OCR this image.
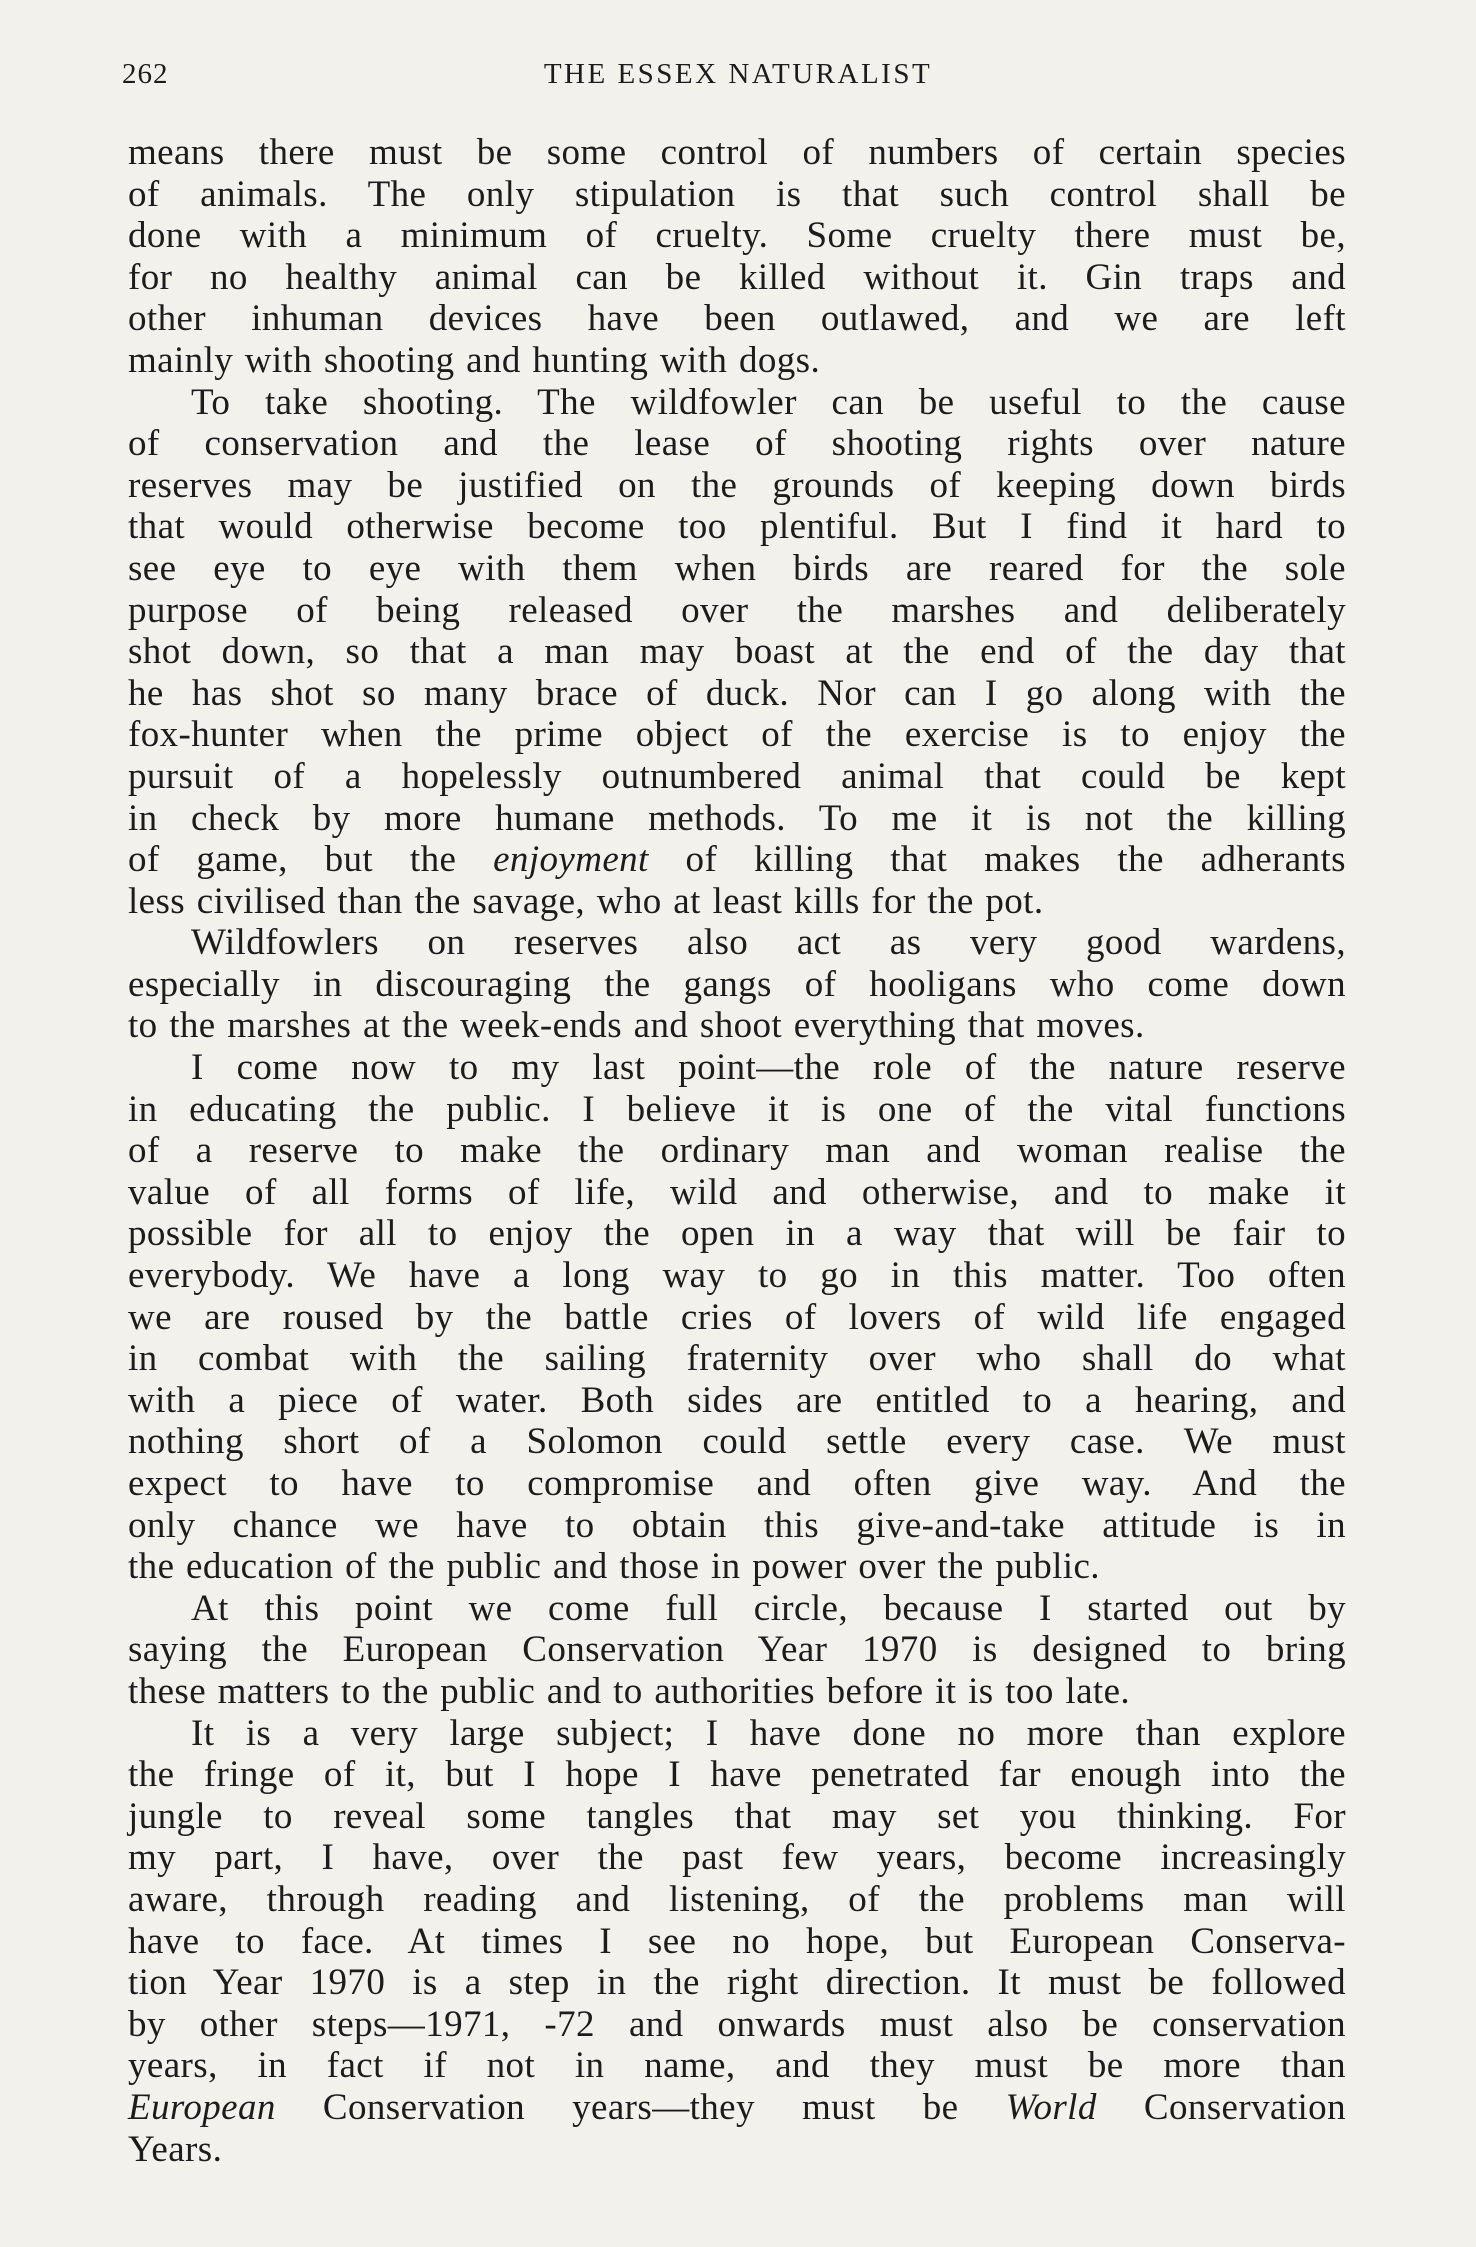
262	THE ESSEX NATURALIST
means there must be some control of numbers of certain species
of animals. The only stipulation is that such control shall be
done with a minimum of cruelty. Some cruelty there must be,
for no healthy animal can be killed without it. Gin traps and
other inhuman devices have been outlawed, and we are left
mainly with shooting and hunting with dogs.
To take shooting. The wildfowler can be useful to the cause
of conservation and the lease of shooting rights over nature
reserves may be justified on the grounds of keeping down birds
that would otherwise become too plentiful. But I find it hard to
see eye to eye with them when birds are reared for the sole
purpose of being released over the marshes and deliberately
shot down, so that a man may boast at the end of the day that
he has shot so many brace of duck. Nor can I go along with the
fox-hunter when the prime object of the exercise is to enjoy the
pursuit of a hopelessly outnumbered animal that could be kept
in check by more humane methods. To me it is not the killing
of game, but the enjoyment of killing that makes the adherants
less civilised than the savage, who at least kills for the pot.
Wildfowlers on reserves also act as very good wardens,
especially in discouraging the gangs of hooligans who come down
to the marshes at the week-ends and shoot everything that moves.
I come now to my last point—the role of the nature reserve
in educating the public. I believe it is one of the vital functions
of a reserve to make the ordinary man and woman realise the
value of all forms of life, wild and otherwise, and to make it
possible for all to enjoy the open in a way that will be fair to
everybody. We have a long way to go in this matter. Too often
we are roused by the battle cries of lovers of wild life engaged
in combat with the sailing fraternity over who shall do what
with a piece of water. Both sides are entitled to a hearing, and
nothing short of a Solomon could settle every case. We must
expect to have to compromise and often give way. And the
only chance we have to obtain this give-and-take attitude is in
the education of the public and those in power over the public.
At this point we come full circle, because I started out by
saying the European Conservation Year 1970 is designed to bring
these matters to the public and to authorities before it is too late.
It is a very large subject; I have done no more than explore
the fringe of it, but I hope I have penetrated far enough into the
jungle to reveal some tangles that may set you thinking. For
my part, I have, over the past few years, become increasingly
aware, through reading and listening, of the problems man will
have to face. At times I see no hope, but European Conserva-
tion Year 1970 is a step in the right direction. It must be followed
by other steps—1971, -72 and onwards must also be conservation
years, in fact if not in name, and they must be more than
European Conservation years—they must be World Conservation
Years.
